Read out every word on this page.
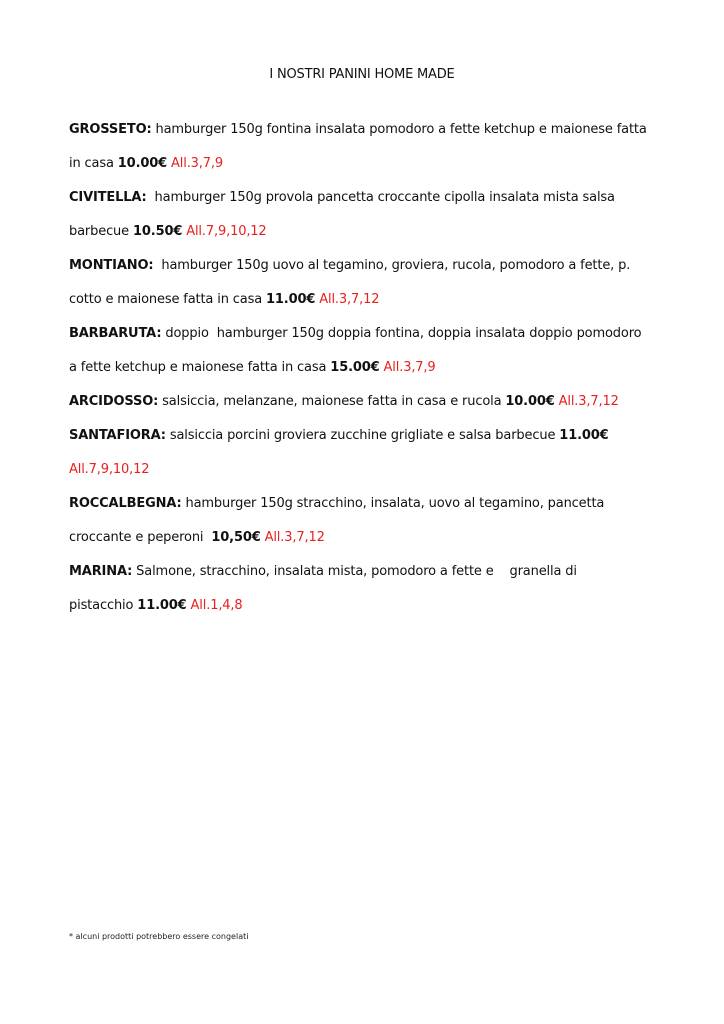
I NOSTRI PANINI HOME MADE
GROSSETO: hamburger 150g fontina insalata pomodoro a fette ketchup e maionese fatta
in casa 10.00€ All.3,7,9
CIVITELLA:  hamburger 150g provola pancetta croccante cipolla insalata mista salsa
barbecue 10.50€ All.7,9,10,12
MONTIANO:  hamburger 150g uovo al tegamino, groviera, rucola, pomodoro a fette, p.
cotto e maionese fatta in casa 11.00€ All.3,7,12
BARBARUTA: doppio  hamburger 150g doppia fontina, doppia insalata doppio pomodoro
a fette ketchup e maionese fatta in casa 15.00€ All.3,7,9
ARCIDOSSO: salsiccia, melanzane, maionese fatta in casa e rucola 10.00€ All.3,7,12
SANTAFIORA: salsiccia porcini groviera zucchine grigliate e salsa barbecue 11.00€
All.7,9,10,12
ROCCALBEGNA: hamburger 150g stracchino, insalata, uovo al tegamino, pancetta
croccante e peperoni  10,50€ All.3,7,12
MARINA: Salmone, stracchino, insalata mista, pomodoro a fette e    granella di
pistacchio 11.00€ All.1,4,8
* alcuni prodotti potrebbero essere congelati
